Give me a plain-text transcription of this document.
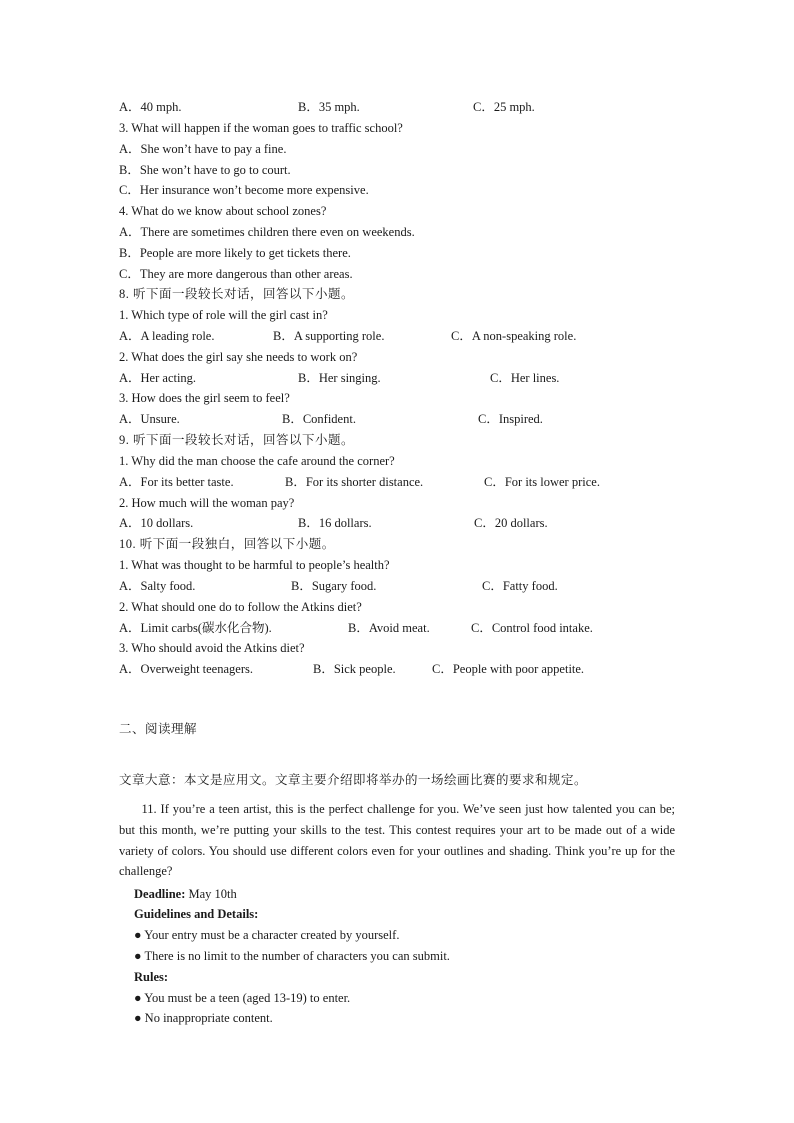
A．40 mph.	B．35 mph.	C．25 mph.
3. What will happen if the woman goes to traffic school?
A．She won’t have to pay a fine.
B．She won’t have to go to court.
C．Her insurance won’t become more expensive.
4. What do we know about school zones?
A．There are sometimes children there even on weekends.
B．People are more likely to get tickets there.
C．They are more dangerous than other areas.
8. 听下面一段较长对话，回答以下小题。
1. Which type of role will the girl cast in?
A．A leading role.	B．A supporting role.	C．A non-speaking role.
2. What does the girl say she needs to work on?
A．Her acting.	B．Her singing.	C．Her lines.
3. How does the girl seem to feel?
A．Unsure.	B．Confident.	C．Inspired.
9. 听下面一段较长对话，回答以下小题。
1. Why did the man choose the cafe around the corner?
A．For its better taste.	B．For its shorter distance.	C．For its lower price.
2. How much will the woman pay?
A．10 dollars.	B．16 dollars.	C．20 dollars.
10. 听下面一段独白，回答以下小题。
1. What was thought to be harmful to people’s health?
A．Salty food.	B．Sugary food.	C．Fatty food.
2. What should one do to follow the Atkins diet?
A．Limit carbs(碳水化合物).	B．Avoid meat.	C．Control food intake.
3. Who should avoid the Atkins diet?
A．Overweight teenagers.	B．Sick people.	C．People with poor appetite.
二、阅读理解
文章大意：本文是应用文。文章主要介绍即将举办的一场绘画比赛的要求和规定。
11. If you’re a teen artist, this is the perfect challenge for you. We’ve seen just how talented you can be; but this month, we’re putting your skills to the test. This contest requires your art to be made out of a wide variety of colors. You should use different colors even for your outlines and shading. Think you’re up for the challenge?
Deadline: May 10th
Guidelines and Details:
● Your entry must be a character created by yourself.
● There is no limit to the number of characters you can submit.
Rules:
● You must be a teen (aged 13-19) to enter.
● No inappropriate content.
